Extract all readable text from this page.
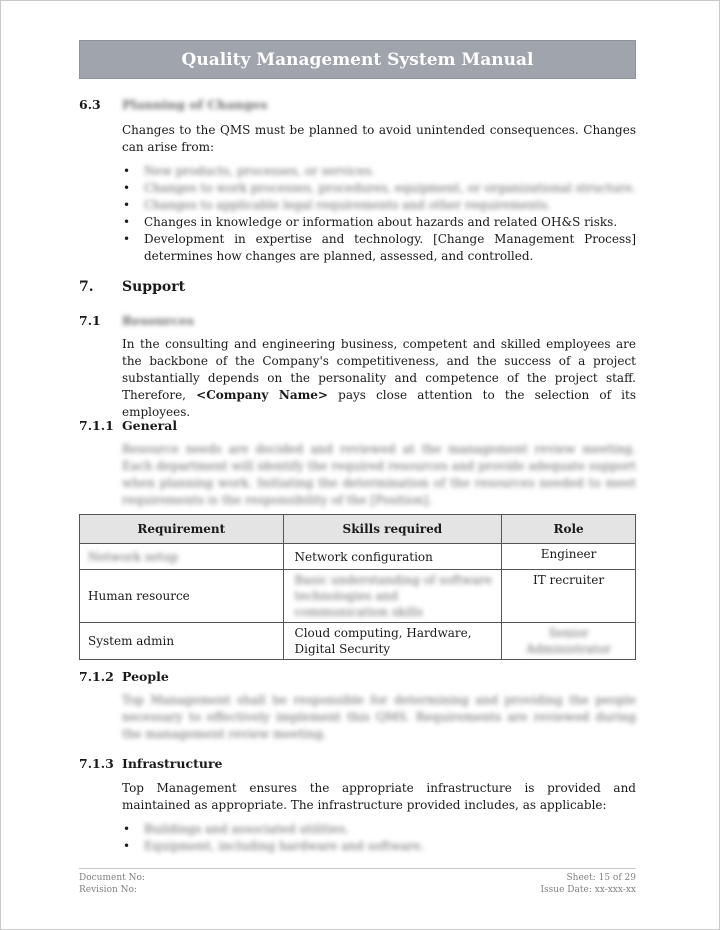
Quality Management System Manual
6.3 Planning of Changes
Changes to the QMS must be planned to avoid unintended consequences. Changes can arise from:
• New products, processes, or services.
• Changes to work processes, procedures, equipment, or organizational structure.
• Changes to applicable legal requirements and other requirements.
• Changes in knowledge or information about hazards and related OH&S risks.
• Development in expertise and technology. [Change Management Process] determines how changes are planned, assessed, and controlled.
7. Support
7.1 Resources
In the consulting and engineering business, competent and skilled employees are the backbone of the Company's competitiveness, and the success of a project substantially depends on the personality and competence of the project staff. Therefore, <Company Name> pays close attention to the selection of its employees.
7.1.1 General
Resource needs are decided and reviewed at the management review meeting. Each department will identify the required resources and provide adequate support when planning work. Initiating the determination of the resources needed to meet requirements is the responsibility of the [Position].
Requirement	Skills required	Role
Network setup	Network configuration	Engineer
Human resource	Basic understanding of software technologies and communication skills	IT recruiter
System admin	Cloud computing, Hardware, Digital Security	Senior Administrator
7.1.2 People
Top Management shall be responsible for determining and providing the people necessary to effectively implement this QMS. Requirements are reviewed during the management review meeting.
7.1.3 Infrastructure
Top Management ensures the appropriate infrastructure is provided and maintained as appropriate. The infrastructure provided includes, as applicable:
• Buildings and associated utilities.
• Equipment, including hardware and software.
Document No:
Revision No:
Sheet: 15 of 29
Issue Date: xx-xxx-xx
